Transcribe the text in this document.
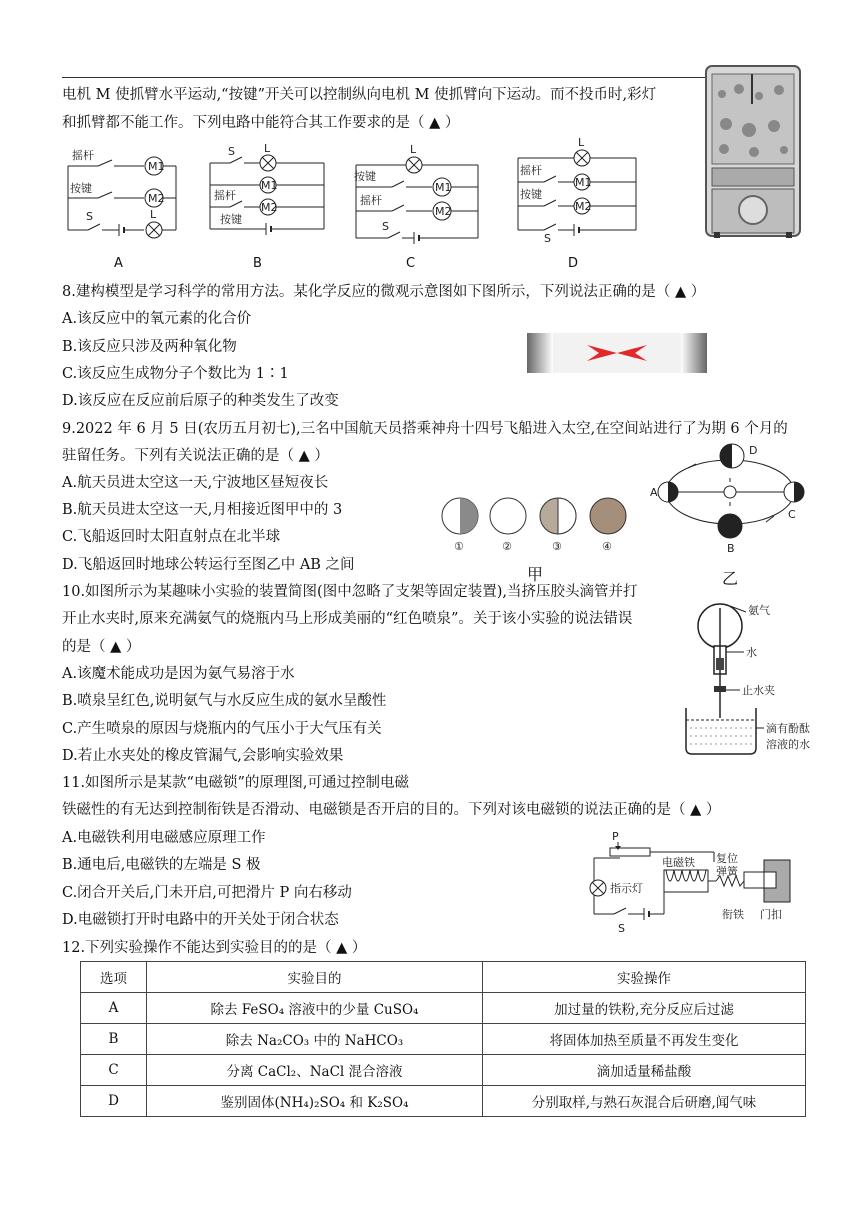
电机 M 使抓臂水平运动,“按键”开关可以控制纵向电机 M 使抓臂向下运动。而不投币时,彩灯
和抓臂都不能工作。下列电路中能符合其工作要求的是（ ▲ ）
摇杆
按键
S	L
M1
M2
A
S	L
摇杆
按键
M1
M2
B
L
按键
摇杆
S
M1
M2
C
L
摇杆
按键
S
M1
M2
D
8.建构模型是学习科学的常用方法。某化学反应的微观示意图如下图所示，下列说法正确的是（ ▲ ）
A.该反应中的氧元素的化合价
B.该反应只涉及两种氧化物
C.该反应生成物分子个数比为 1∶1
D.该反应在反应前后原子的种类发生了改变
9.2022 年 6 月 5 日(农历五月初七),三名中国航天员搭乘神舟十四号飞船进入太空,在空间站进行了为期 6 个月的
驻留任务。下列有关说法正确的是（ ▲ ）
A.航天员进太空这一天,宁波地区昼短夜长
B.航天员进太空这一天,月相接近图甲中的 3
C.飞船返回时太阳直射点在北半球
D.飞船返回时地球公转运行至图乙中 AB 之间
①	②	③	④
甲
A
B
C
D
乙
10.如图所示为某趣味小实验的装置简图(图中忽略了支架等固定装置),当挤压胶头滴管并打
开止水夹时,原来充满氨气的烧瓶内马上形成美丽的“红色喷泉”。关于该小实验的说法错误
的是（ ▲ ）
A.该魔术能成功是因为氨气易溶于水
B.喷泉呈红色,说明氨气与水反应生成的氨水呈酸性
C.产生喷泉的原因与烧瓶内的气压小于大气压有关
D.若止水夹处的橡皮管漏气,会影响实验效果
氨气
水
止水夹
滴有酚酞
溶液的水
11.如图所示是某款“电磁锁”的原理图,可通过控制电磁
铁磁性的有无达到控制衔铁是否滑动、电磁锁是否开启的目的。下列对该电磁锁的说法正确的是（ ▲ ）
A.电磁铁利用电磁感应原理工作
B.通电后,电磁铁的左端是 S 极
C.闭合开关后,门未开启,可把滑片 P 向右移动
D.电磁锁打开时电路中的开关处于闭合状态
P
指示灯
电磁铁 复位
弹簧
衔铁 门扣
S
12.下列实验操作不能达到实验目的的是（ ▲ ）
选项	实验目的	实验操作
A	除去 FeSO₄ 溶液中的少量 CuSO₄	加过量的铁粉,充分反应后过滤
B	除去 Na₂CO₃ 中的 NaHCO₃	将固体加热至质量不再发生变化
C	分离 CaCl₂、NaCl 混合溶液	滴加适量稀盐酸
D	鉴别固体(NH₄)₂SO₄ 和 K₂SO₄	分别取样,与熟石灰混合后研磨,闻气味
